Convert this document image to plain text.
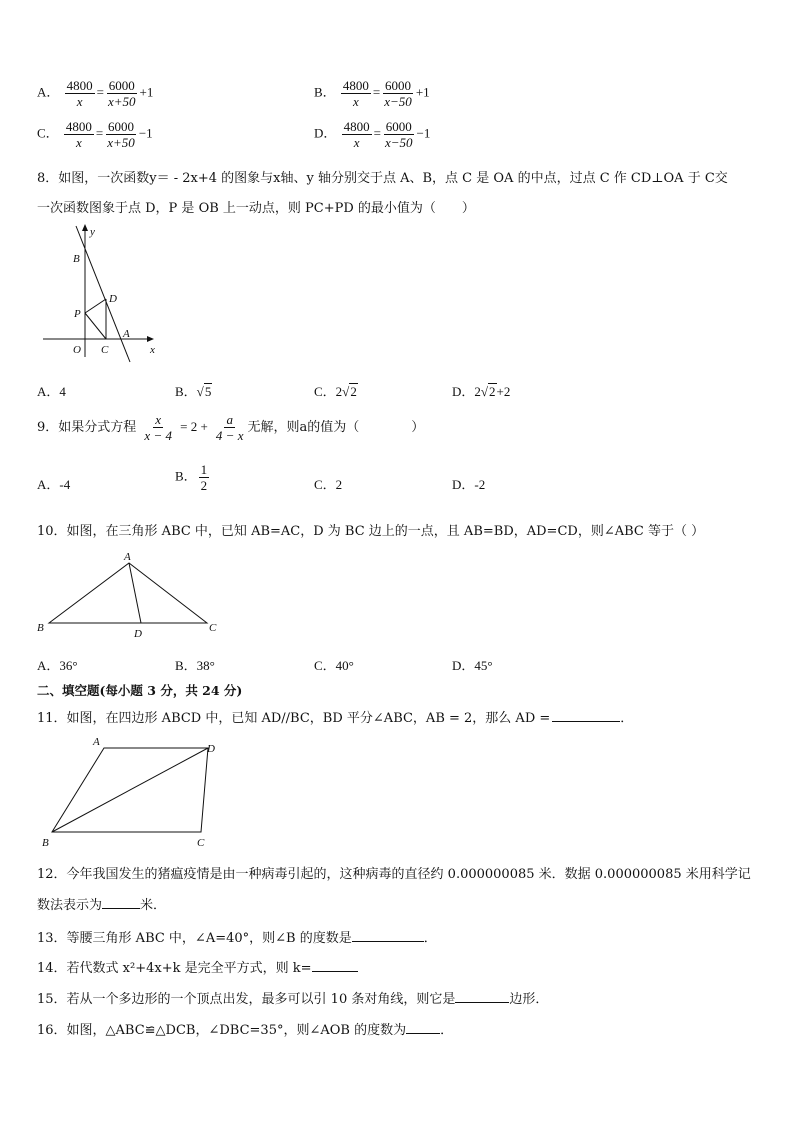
A． $\frac{4800}{x} = \frac{6000}{x+50} +1$	B． $\frac{4800}{x} = \frac{6000}{x-50} +1$
C． $\frac{4800}{x} = \frac{6000}{x+50} -1$	D． $\frac{4800}{x} = \frac{6000}{x-50} -1$
8．如图，一次函数y＝ - 2x+4 的图象与x轴、y 轴分别交于点 A、B，点 C 是 OA 的中点，过点 C 作 CD⊥OA 于 C交
一次函数图象于点 D，P 是 OB 上一动点，则 PC+PD 的最小值为（　　）
y
B
D
P
A
O C	x
A．4	B．√5	C．2√2	D．2√2+2
9．如果分式方程 $\frac{x}{x - 4} = 2 + \frac{a}{4 - x}$ 无解，则a的值为（　　　　）
A．-4
B． $\frac{1}{2}$	C．2	D．-2
10．如图，在三角形 ABC 中，已知 AB=AC，D 为 BC 边上的一点，且 AB=BD，AD=CD，则∠ABC 等于（ ）
A
B	C
D
A．36°	B．38°	C．40°	D．45°
二、填空题(每小题 3 分，共 24 分)
11．如图，在四边形 ABCD 中，已知 AD//BC，BD 平分∠ABC，AB = 2，那么 AD =	．
A
D
B	C
12．今年我国发生的猪瘟疫情是由一种病毒引起的，这种病毒的直径约 0.000000085 米．数据 0.000000085 米用科学记
数法表示为	米．
13．等腰三角形 ABC 中，∠A=40°，则∠B 的度数是	．
14．若代数式 x²+4x+k 是完全平方式，则 k=
15．若从一个多边形的一个顶点出发，最多可以引 10 条对角线，则它是	边形．
16．如图，△ABC≌△DCB，∠DBC=35°，则∠AOB 的度数为	．
